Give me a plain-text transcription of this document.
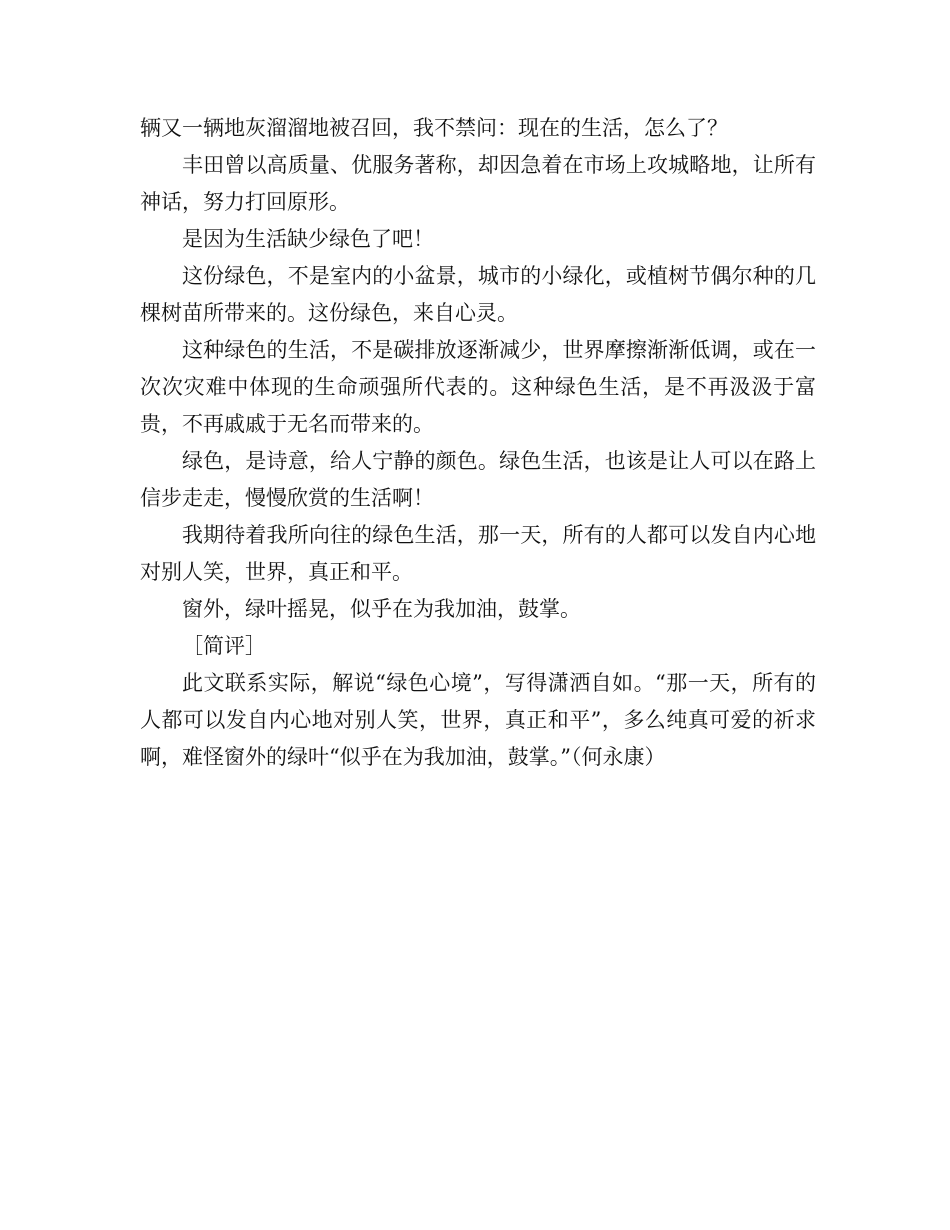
辆又一辆地灰溜溜地被召回，我不禁问：现在的生活，怎么了？

丰田曾以高质量、优服务著称，却因急着在市场上攻城略地，让所有神话，努力打回原形。

是因为生活缺少绿色了吧！

这份绿色，不是室内的小盆景，城市的小绿化，或植树节偶尔种的几棵树苗所带来的。这份绿色，来自心灵。

这种绿色的生活，不是碳排放逐渐减少，世界摩擦渐渐低调，或在一次次灾难中体现的生命顽强所代表的。这种绿色生活，是不再汲汲于富贵，不再戚戚于无名而带来的。

绿色，是诗意，给人宁静的颜色。绿色生活，也该是让人可以在路上信步走走，慢慢欣赏的生活啊！

我期待着我所向往的绿色生活，那一天，所有的人都可以发自内心地对别人笑，世界，真正和平。

窗外，绿叶摇晃，似乎在为我加油，鼓掌。

［简评］

此文联系实际，解说“绿色心境”，写得潇洒自如。“那一天，所有的人都可以发自内心地对别人笑，世界，真正和平”，多么纯真可爱的祈求啊，难怪窗外的绿叶“似乎在为我加油，鼓掌。”（何永康）
